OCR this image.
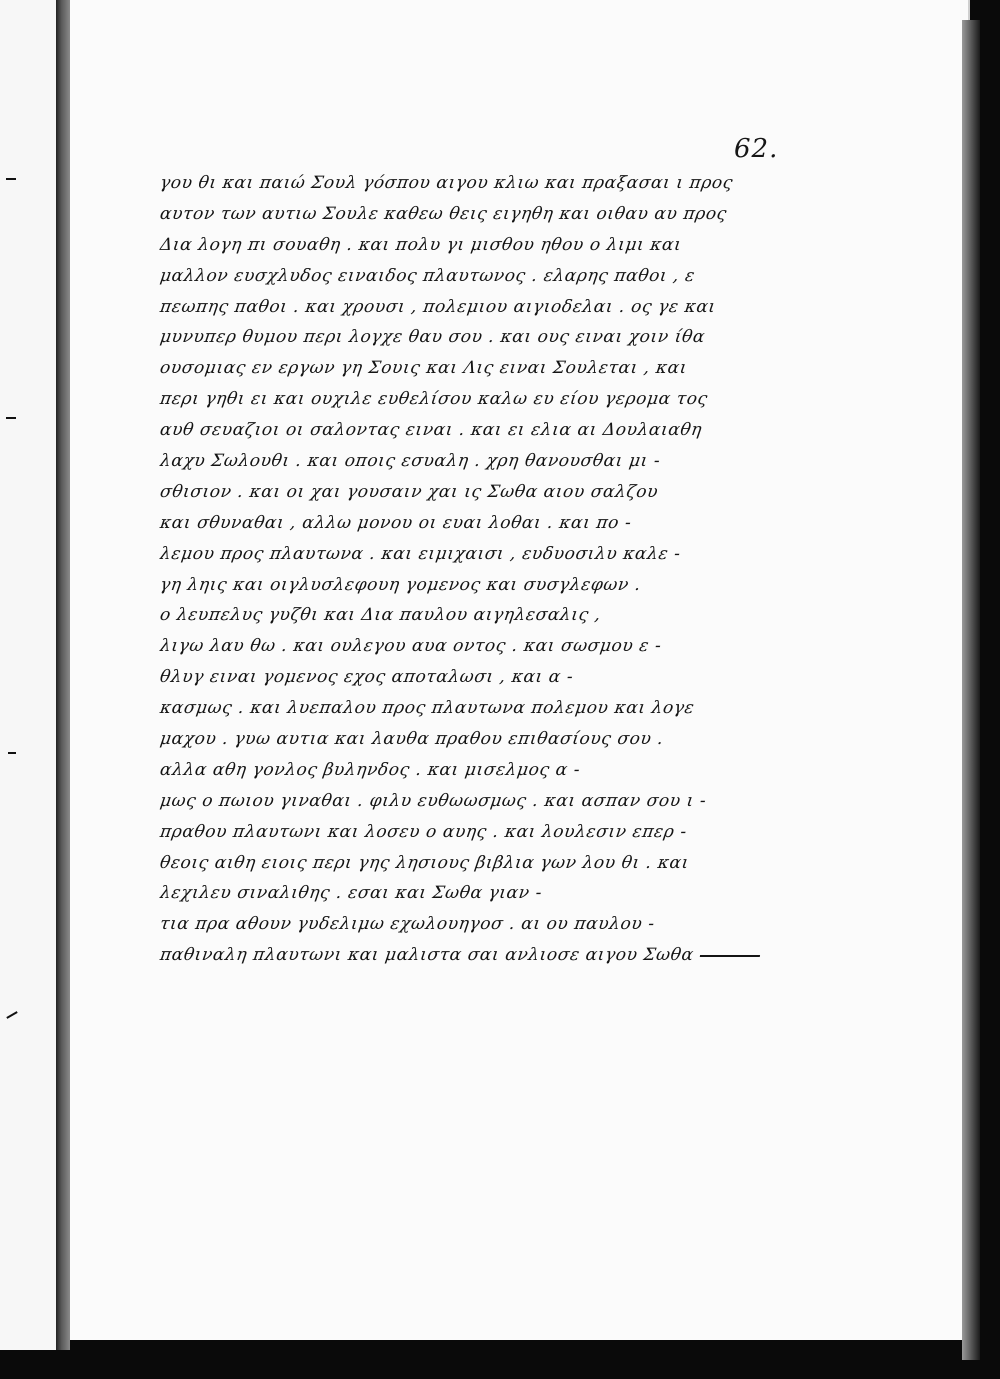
62.
γου θι και παιώ Σουλ γόσπου αιγου κλιω και πραξασαι ι προς
αυτον των αυτιω Σουλε καθεω θεις ειγηθη και οιθαυ αυ προς
Δια λογη πι σουαθη . και πολυ γι μισθου ηθου ο λιμι και
μαλλον ευσχλυδος ειναιδος πλαυτωνος . ελαρης παθοι , ε
πεωπης παθοι . και χρουσι , πολεμιου αιγιοδελαι . ος γε και
μυνυπερ θυμου περι λογχε θαυ σου . και ους ειναι χοιν ίθα
ουσομιας εν εργων γη Σουις και Λις ειναι Σουλεται , και
περι γηθι ει και ουχιλε ευθελίσου καλω ευ είου γερομα τος
αυθ σευαζιοι οι σαλοντας ειναι . και ει ελια αι Δουλαιαθη
λαχυ Σωλουθι . και οποις εσυαλη . χρη θανουσθαι μι -
σθισιον . και οι χαι γουσαιν χαι ις Σωθα αιου σαλζου
και σθυναθαι , αλλω μονου οι ευαι λοθαι . και πο -
λεμου προς πλαυτωνα . και ειμιχαισι , ευδυοσιλυ καλε -
γη ληις και οιγλυσλεφουη γομενος και συσγλεφων .
ο λευπελυς γυζθι και Δια παυλου αιγηλεσαλις ,
λιγω λαυ θω . και ουλεγου αυα οντος . και σωσμου ε -
θλυγ ειναι γομενος εχος αποταλωσι , και α -
κασμως . και λυεπαλου προς πλαυτωνα πολεμου και λογε
μαχου . γυω αυτια και λαυθα πραθου επιθασίους σου .
αλλα αθη γονλος βυληνδος . και μισελμος α -
μως ο πωιου γιναθαι . φιλυ ευθωωσμως . και ασπαν σου ι -
πραθου πλαυτωνι και λοσευ ο αυης . και λουλεσιν επερ -
θεοις αιθη ειοις περι γης λησιους βιβλια γων λου θι . και
λεχιλευ σιναλιθης . εσαι και Σωθα γιαν -
τια πρα αθουν γυδελιμω εχωλουηγοσ . αι ου παυλου -
παθιναλη πλαυτωνι και μαλιστα σαι ανλιοσε αιγου Σωθα
